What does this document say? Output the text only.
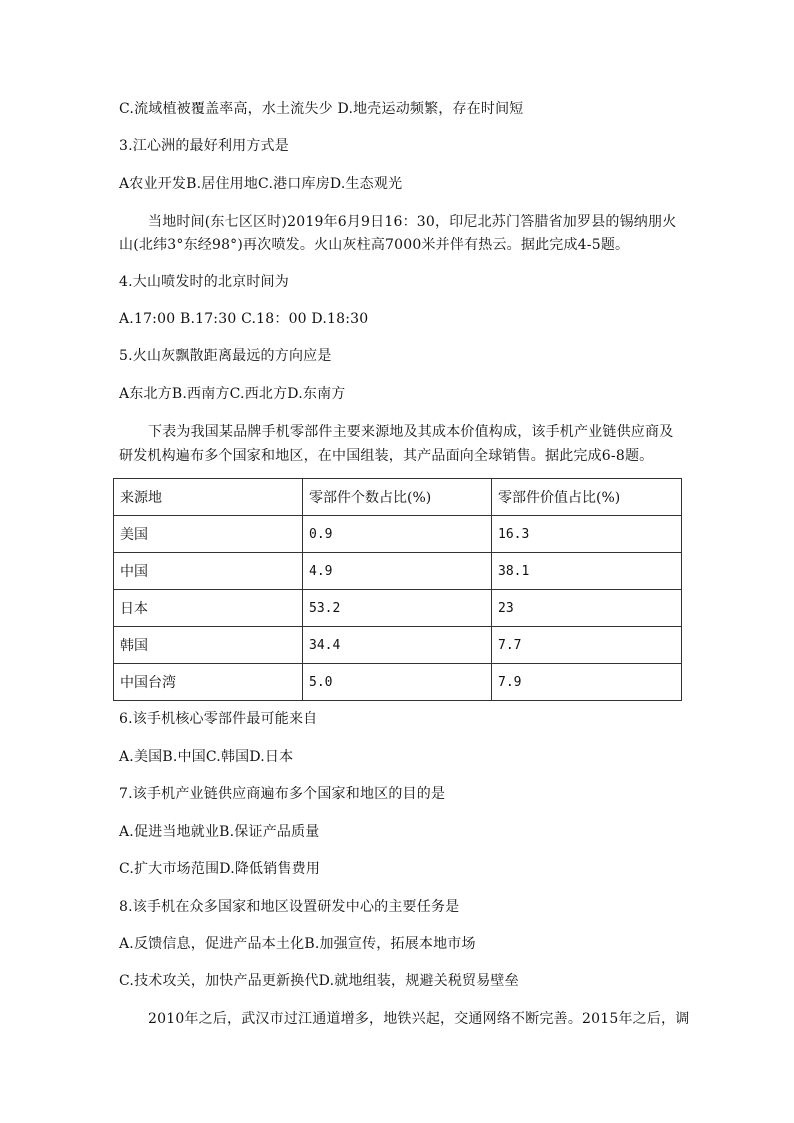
C.流域植被覆盖率高，水土流失少 D.地壳运动频繁，存在时间短
3.江心洲的最好利用方式是
A农业开发B.居住用地C.港口库房D.生态观光
当地时间(东七区区时)2019年6月9日16：30，印尼北苏门答腊省加罗县的锡纳朋火
山(北纬3°东经98°)再次喷发。火山灰柱高7000米并伴有热云。据此完成4-5题。
4.大山喷发时的北京时间为
A.17:00 B.17:30 C.18：00 D.18:30
5.火山灰飘散距离最远的方向应是
A东北方B.西南方C.西北方D.东南方
下表为我国某品牌手机零部件主要来源地及其成本价值构成，该手机产业链供应商及
研发机构遍布多个国家和地区，在中国组装，其产品面向全球销售。据此完成6-8题。
来源地	零部件个数占比(%)	零部件价值占比(%)
美国	0.9	16.3
中国	4.9	38.1
日本	53.2	23
韩国	34.4	7.7
中国台湾	5.0	7.9
6.该手机核心零部件最可能来自
A.美国B.中国C.韩国D.日本
7.该手机产业链供应商遍布多个国家和地区的目的是
A.促进当地就业B.保证产品质量
C.扩大市场范围D.降低销售费用
8.该手机在众多国家和地区设置研发中心的主要任务是
A.反馈信息，促进产品本土化B.加强宣传，拓展本地市场
C.技术攻关，加快产品更新换代D.就地组装，规避关税贸易壁垒
2010年之后，武汉市过江通道增多，地铁兴起，交通网络不断完善。2015年之后，调
